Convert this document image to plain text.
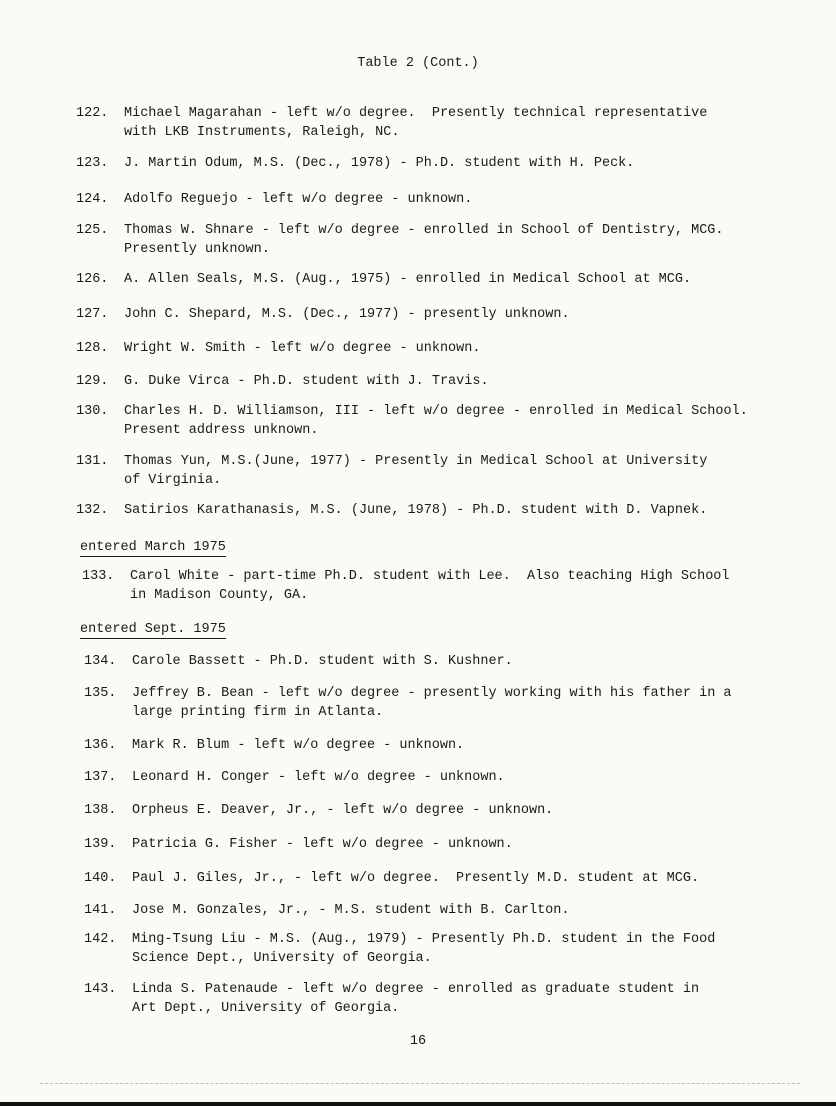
Table 2 (Cont.)
122.	Michael Magarahan - left w/o degree.  Presently technical representative
with LKB Instruments, Raleigh, NC.
123.	J. Martin Odum, M.S. (Dec., 1978) - Ph.D. student with H. Peck.
124.	Adolfo Reguejo - left w/o degree - unknown.
125.	Thomas W. Shnare - left w/o degree - enrolled in School of Dentistry, MCG.
Presently unknown.
126.	A. Allen Seals, M.S. (Aug., 1975) - enrolled in Medical School at MCG.
127.	John C. Shepard, M.S. (Dec., 1977) - presently unknown.
128.	Wright W. Smith - left w/o degree - unknown.
129.	G. Duke Virca - Ph.D. student with J. Travis.
130.	Charles H. D. Williamson, III - left w/o degree - enrolled in Medical School.
Present address unknown.
131.	Thomas Yun, M.S.(June, 1977) - Presently in Medical School at University
of Virginia.
132.	Satirios Karathanasis, M.S. (June, 1978) - Ph.D. student with D. Vapnek.
entered March 1975
133.	Carol White - part-time Ph.D. student with Lee.  Also teaching High School
in Madison County, GA.
entered Sept. 1975
134.	Carole Bassett - Ph.D. student with S. Kushner.
135.	Jeffrey B. Bean - left w/o degree - presently working with his father in a
large printing firm in Atlanta.
136.	Mark R. Blum - left w/o degree - unknown.
137.	Leonard H. Conger - left w/o degree - unknown.
138.	Orpheus E. Deaver, Jr., - left w/o degree - unknown.
139.	Patricia G. Fisher - left w/o degree - unknown.
140.	Paul J. Giles, Jr., - left w/o degree.  Presently M.D. student at MCG.
141.	Jose M. Gonzales, Jr., - M.S. student with B. Carlton.
142.	Ming-Tsung Liu - M.S. (Aug., 1979) - Presently Ph.D. student in the Food
Science Dept., University of Georgia.
143.	Linda S. Patenaude - left w/o degree - enrolled as graduate student in
Art Dept., University of Georgia.
16
